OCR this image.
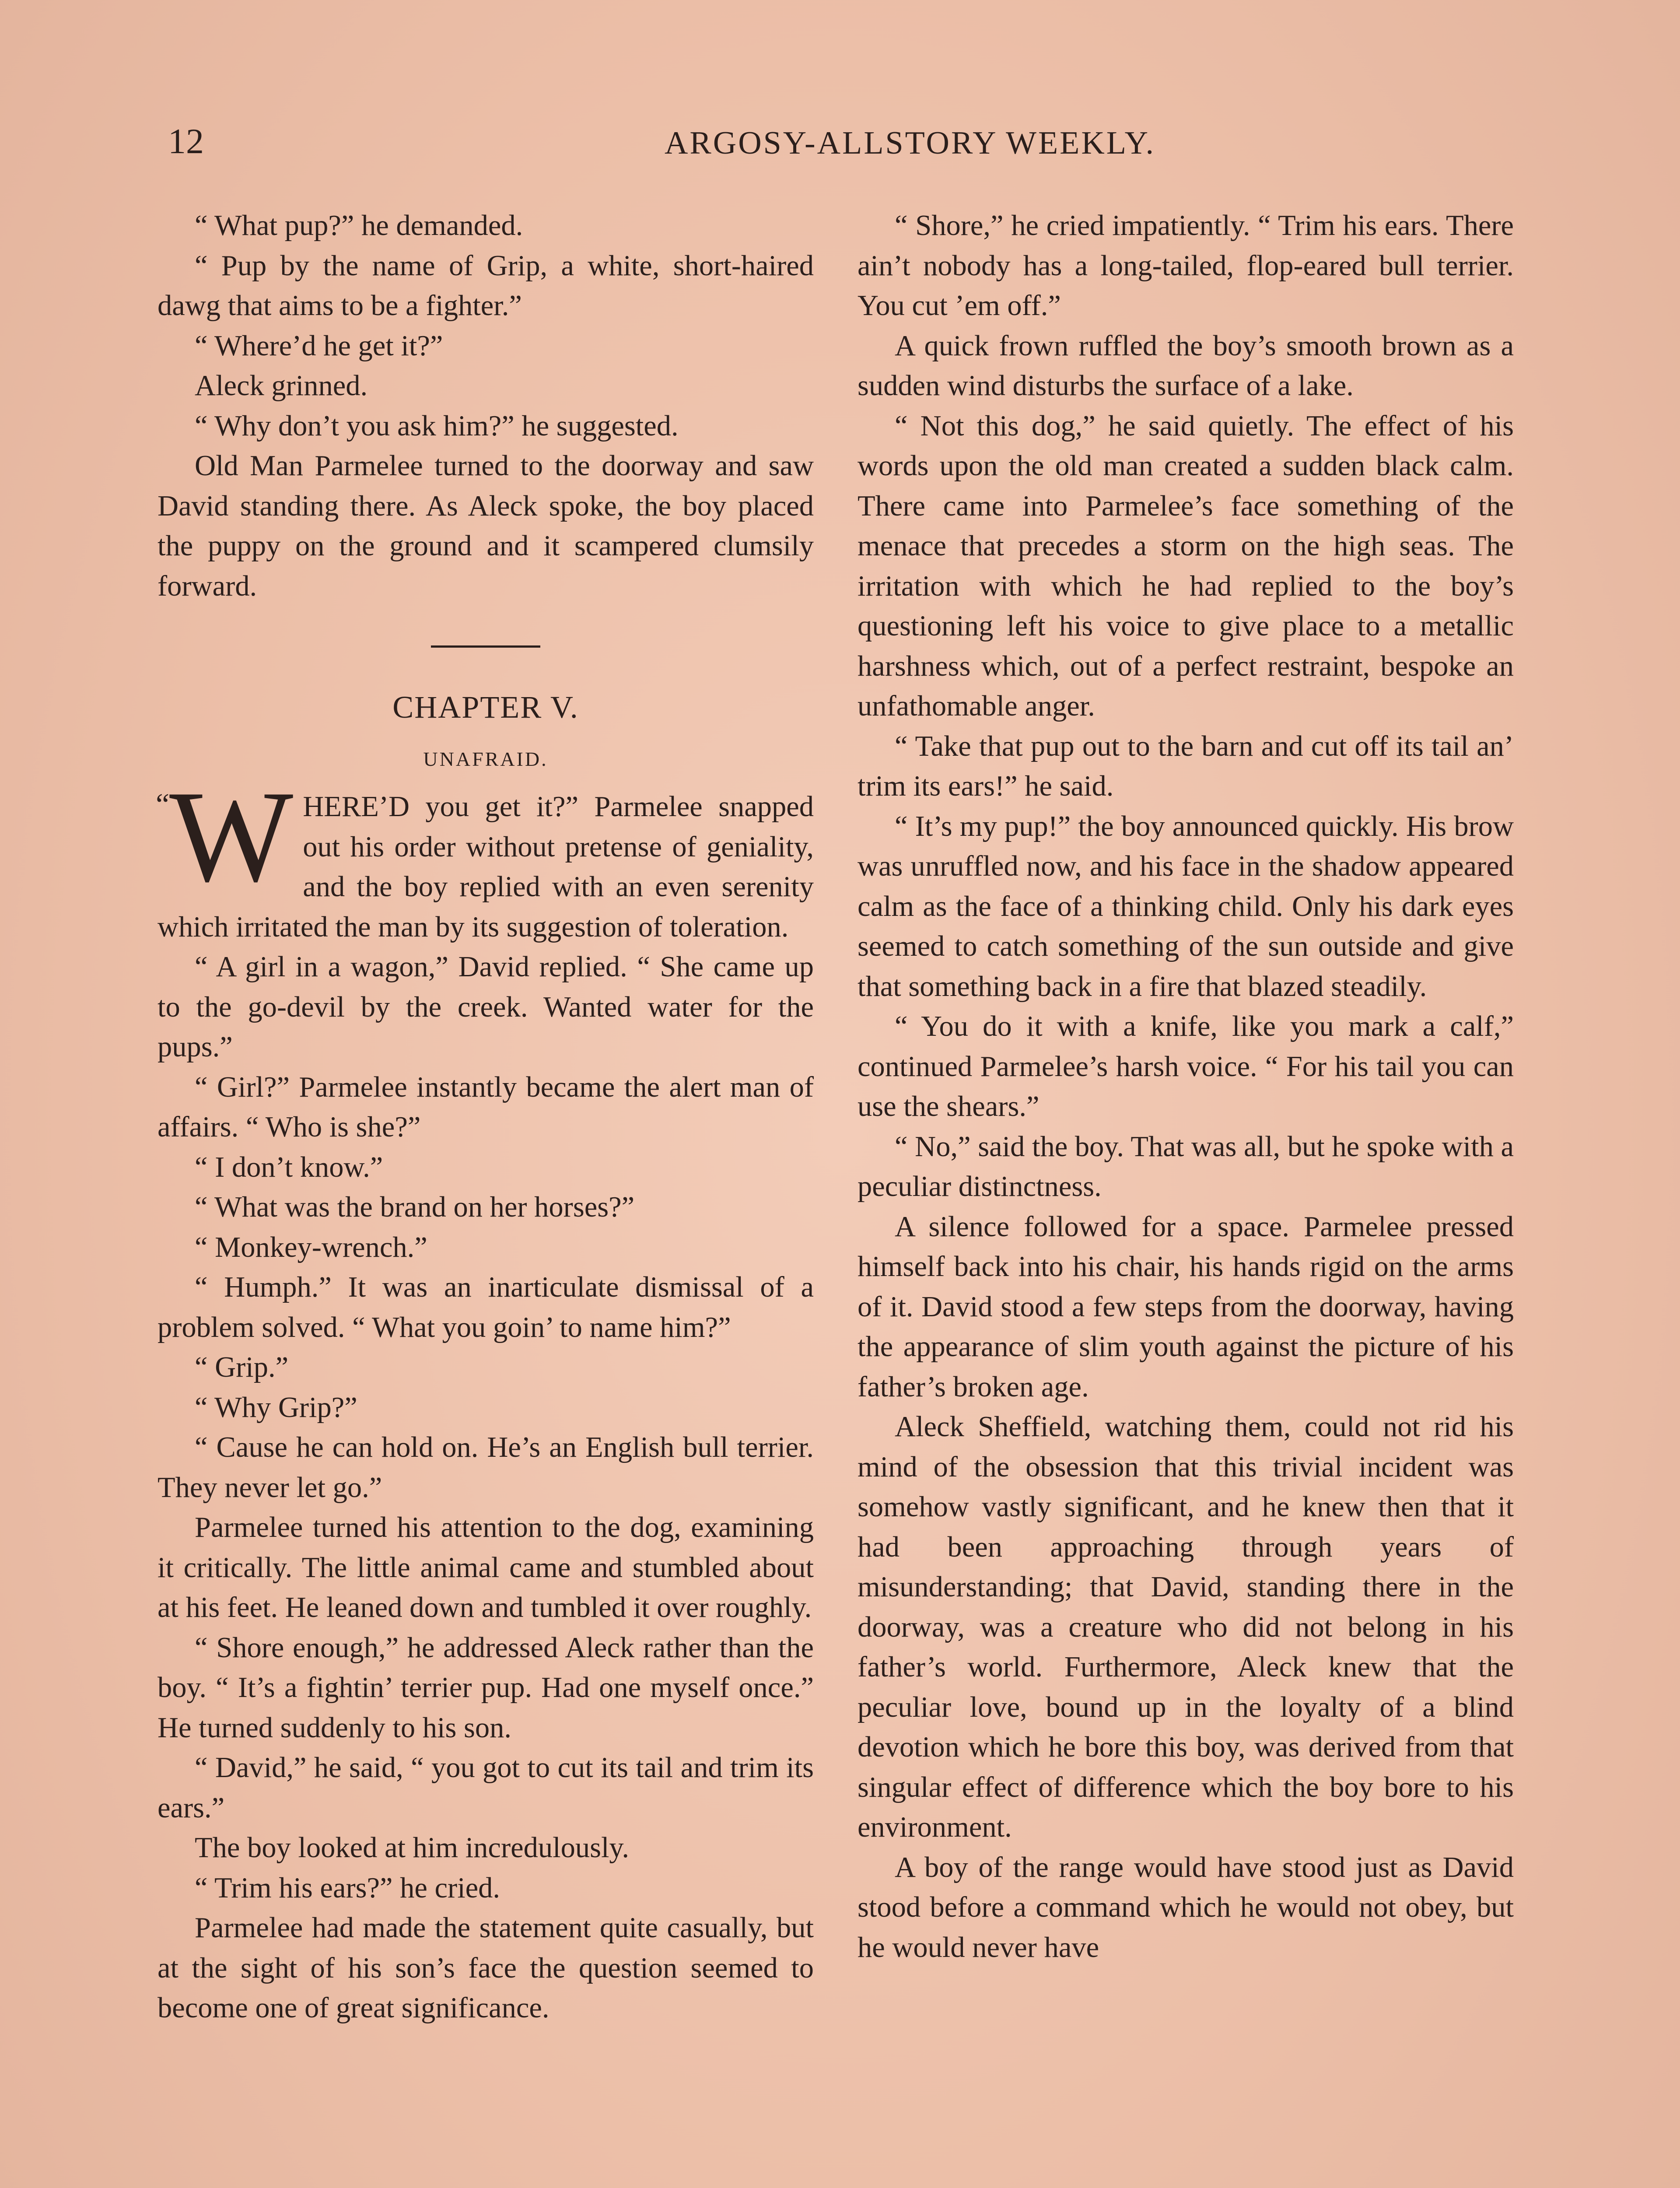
12	ARGOSY-ALLSTORY WEEKLY.

“ What pup?” he demanded.

“ Pup by the name of Grip, a white, short-haired dawg that aims to be a fighter.”

“ Where’d he get it?”

Aleck grinned.

“ Why don’t you ask him?” he suggested.

Old Man Parmelee turned to the doorway and saw David standing there. As Aleck spoke, the boy placed the puppy on the ground and it scampered clumsily forward.

CHAPTER V.
UNAFRAID.

“W HERE’D you get it?” Parmelee snapped out his order without pretense of geniality, and the boy replied with an even serenity which irritated the man by its suggestion of toleration.

“ A girl in a wagon,” David replied. “ She came up to the go-devil by the creek. Wanted water for the pups.”

“ Girl?” Parmelee instantly became the alert man of affairs. “ Who is she?”

“ I don’t know.”

“ What was the brand on her horses?”

“ Monkey-wrench.”

“ Humph.” It was an inarticulate dismissal of a problem solved. “ What you goin’ to name him?”

“ Grip.”

“ Why Grip?”

“ Cause he can hold on. He’s an English bull terrier. They never let go.”

Parmelee turned his attention to the dog, examining it critically. The little animal came and stumbled about at his feet. He leaned down and tumbled it over roughly.

“ Shore enough,” he addressed Aleck rather than the boy. “ It’s a fightin’ terrier pup. Had one myself once.” He turned suddenly to his son.

“ David,” he said, “ you got to cut its tail and trim its ears.”

The boy looked at him incredulously.

“ Trim his ears?” he cried.

Parmelee had made the statement quite casually, but at the sight of his son’s face the question seemed to become one of great significance.

“ Shore,” he cried impatiently. “ Trim his ears. There ain’t nobody has a long-tailed, flop-eared bull terrier. You cut ’em off.”

A quick frown ruffled the boy’s smooth brown as a sudden wind disturbs the surface of a lake.

“ Not this dog,” he said quietly. The effect of his words upon the old man created a sudden black calm. There came into Parmelee’s face something of the menace that precedes a storm on the high seas. The irritation with which he had replied to the boy’s questioning left his voice to give place to a metallic harshness which, out of a perfect restraint, bespoke an unfathomable anger.

“ Take that pup out to the barn and cut off its tail an’ trim its ears!” he said.

“ It’s my pup!” the boy announced quickly. His brow was unruffled now, and his face in the shadow appeared calm as the face of a thinking child. Only his dark eyes seemed to catch something of the sun outside and give that something back in a fire that blazed steadily.

“ You do it with a knife, like you mark a calf,” continued Parmelee’s harsh voice. “ For his tail you can use the shears.”

“ No,” said the boy. That was all, but he spoke with a peculiar distinctness.

A silence followed for a space. Parmelee pressed himself back into his chair, his hands rigid on the arms of it. David stood a few steps from the doorway, having the appearance of slim youth against the picture of his father’s broken age.

Aleck Sheffield, watching them, could not rid his mind of the obsession that this trivial incident was somehow vastly significant, and he knew then that it had been approaching through years of misunderstanding; that David, standing there in the doorway, was a creature who did not belong in his father’s world. Furthermore, Aleck knew that the peculiar love, bound up in the loyalty of a blind devotion which he bore this boy, was derived from that singular effect of difference which the boy bore to his environment.

A boy of the range would have stood just as David stood before a command which he would not obey, but he would never have
